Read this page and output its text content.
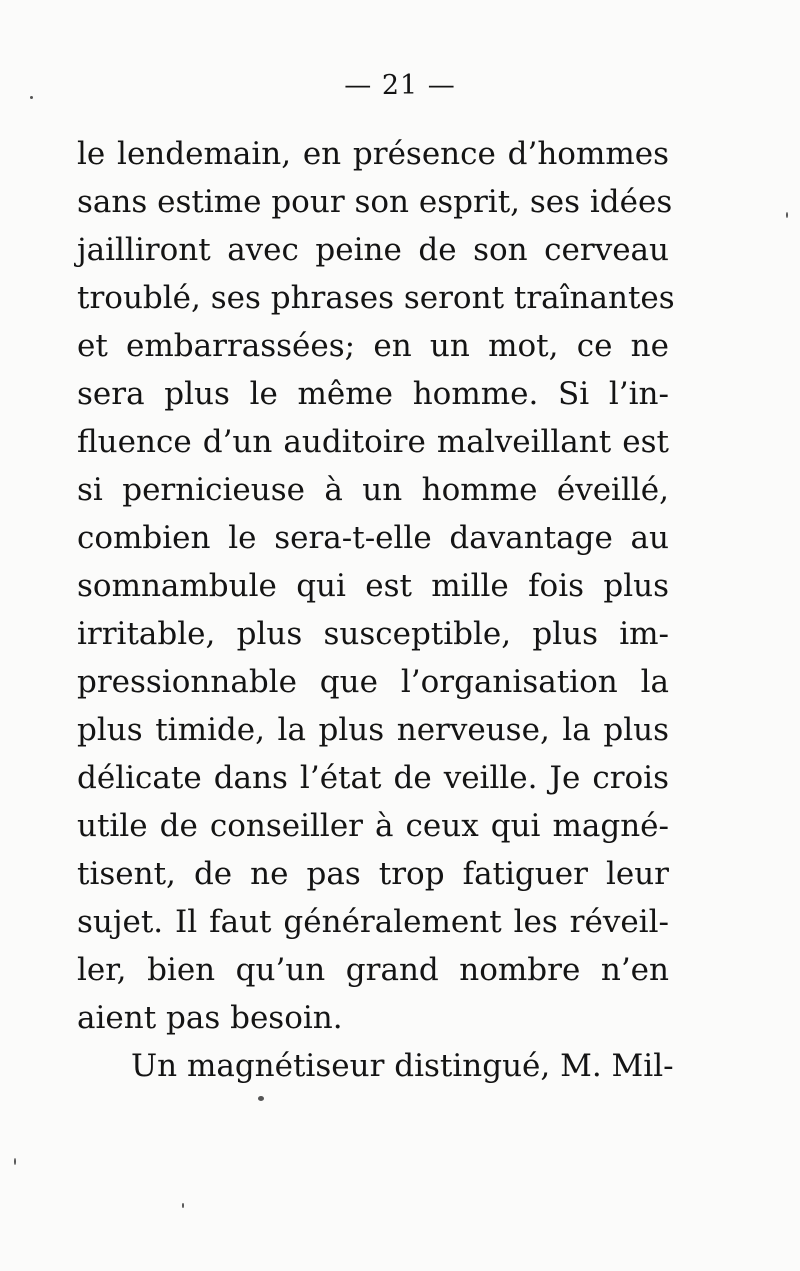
— 21 —
le lendemain, en présence d’hommes
sans estime pour son esprit, ses idées
jailliront avec peine de son cerveau
troublé, ses phrases seront traînantes
et embarrassées; en un mot, ce ne
sera plus le même homme. Si l’in-
fluence d’un auditoire malveillant est
si pernicieuse à un homme éveillé,
combien le sera-t-elle davantage au
somnambule qui est mille fois plus
irritable, plus susceptible, plus im-
pressionnable que l’organisation la
plus timide, la plus nerveuse, la plus
délicate dans l’état de veille. Je crois
utile de conseiller à ceux qui magné-
tisent, de ne pas trop fatiguer leur
sujet. Il faut généralement les réveil-
ler, bien qu’un grand nombre n’en
aient pas besoin.
Un magnétiseur distingué, M. Mil-
